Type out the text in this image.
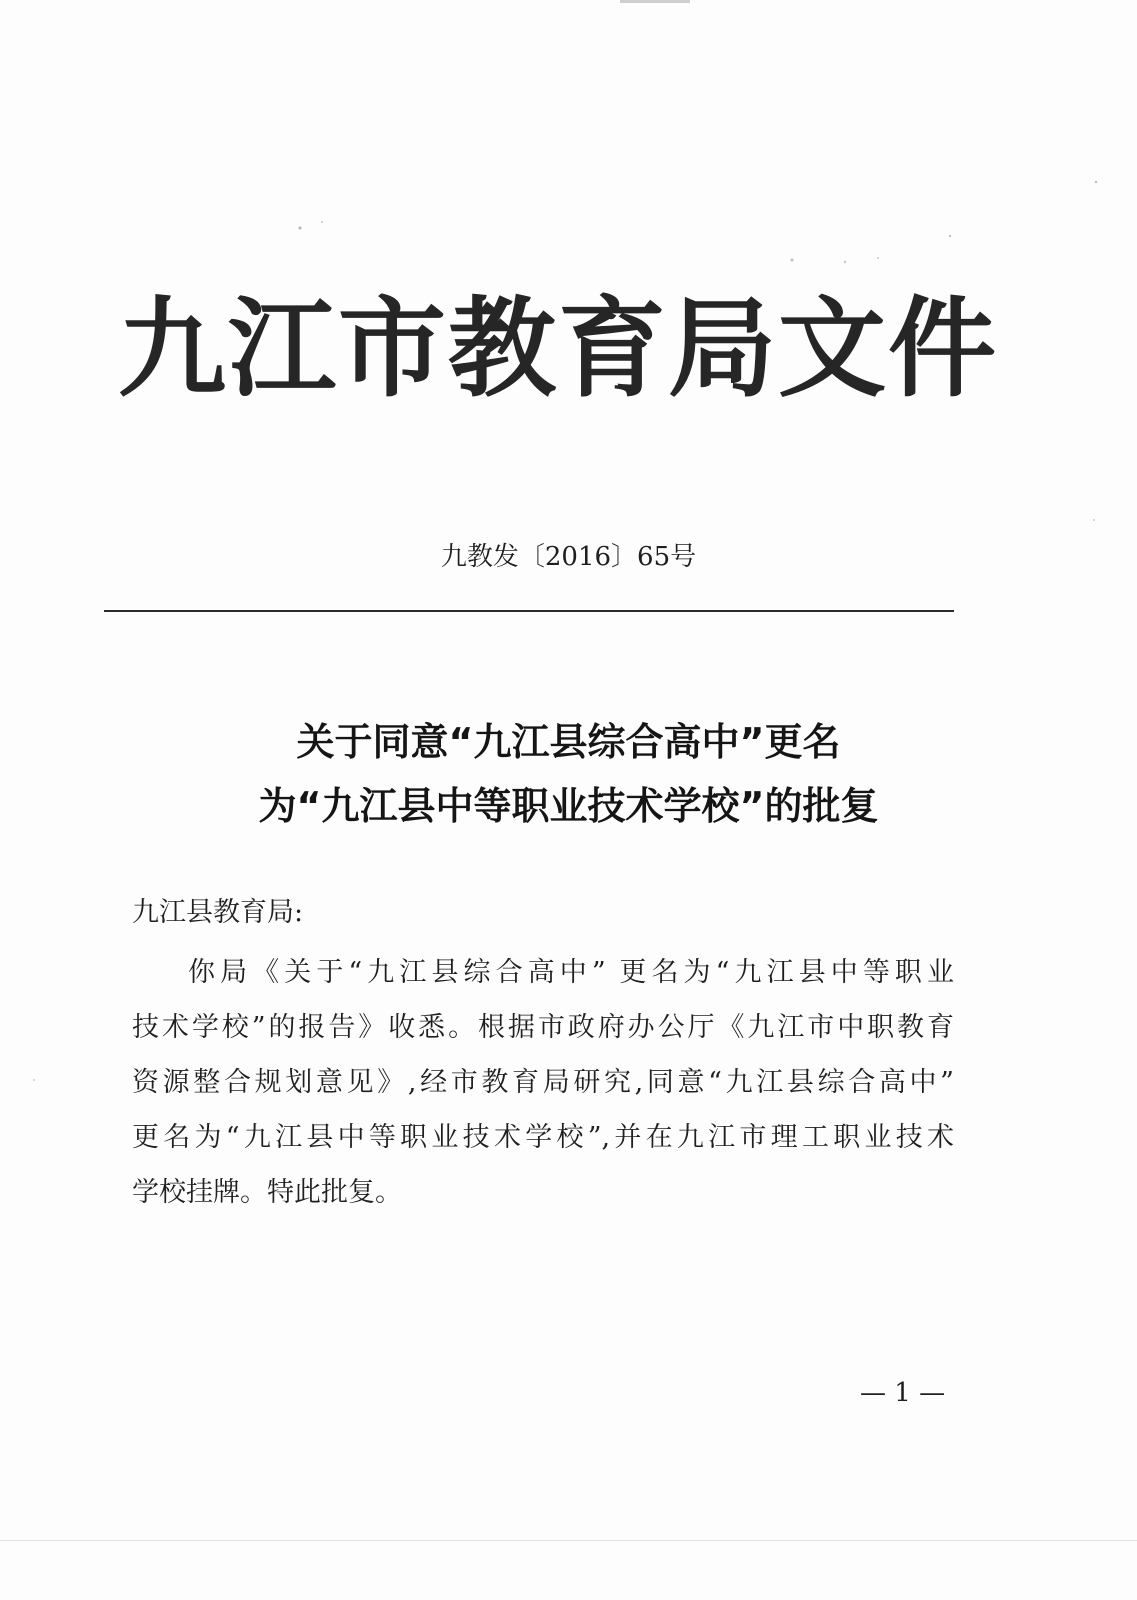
九江市教育局文件
九教发〔2016〕65号
关于同意“九江县综合高中”更名
为“九江县中等职业技术学校”的批复
九江县教育局:
你局《关于“九江县综合高中” 更名为“九江县中等职业
技术学校”的报告》收悉。根据市政府办公厅《九江市中职教育
资源整合规划意见》,经市教育局研究,同意“九江县综合高中”
更名为“九江县中等职业技术学校”,并在九江市理工职业技术
学校挂牌。特此批复。
— 1 —
